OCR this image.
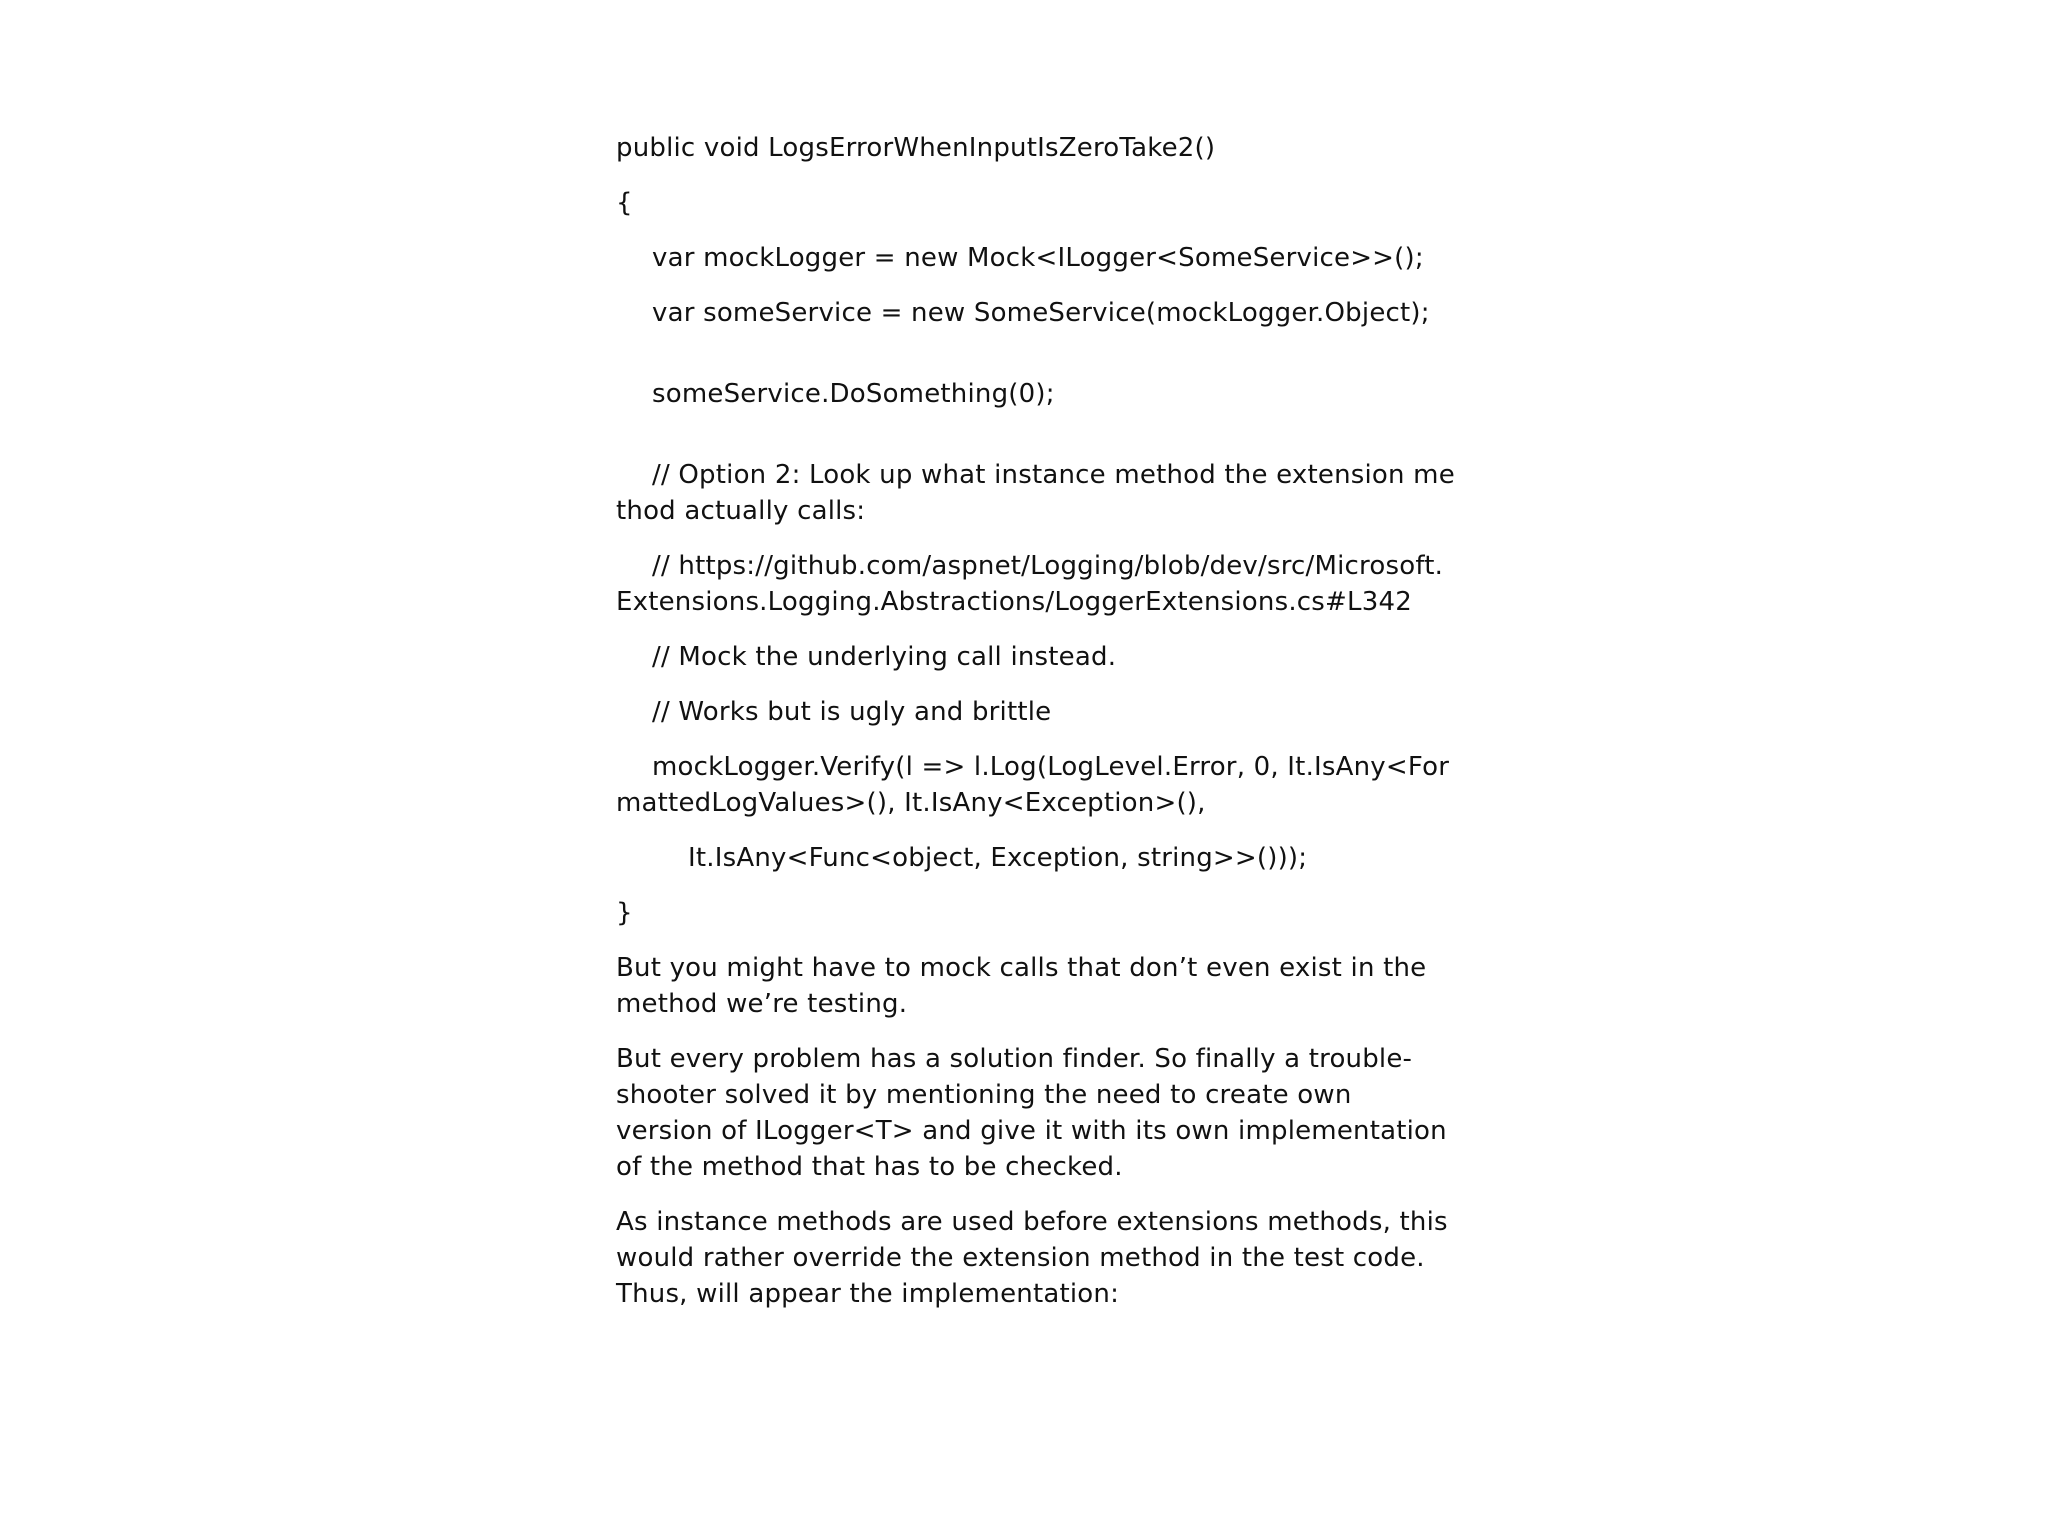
public void LogsErrorWhenInputIsZeroTake2()
{
var mockLogger = new Mock<ILogger<SomeService>>();
var someService = new SomeService(mockLogger.Object);
someService.DoSomething(0);
// Option 2: Look up what instance method the extension method actually calls:
// https://github.com/aspnet/Logging/blob/dev/src/Microsoft.Extensions.Logging.Abstractions/LoggerExtensions.cs#L342
// Mock the underlying call instead.
// Works but is ugly and brittle
mockLogger.Verify(l => l.Log(LogLevel.Error, 0, It.IsAny<FormattedLogValues>(), It.IsAny<Exception>(),
It.IsAny<Func<object, Exception, string>>()));
}

But you might have to mock calls that don’t even exist in the method we’re testing.

But every problem has a solution finder. So finally a trouble-shooter solved it by mentioning the need to create own version of ILogger<T> and give it with its own implementation of the method that has to be checked.

As instance methods are used before extensions methods, this would rather override the extension method in the test code. Thus, will appear the implementation:
